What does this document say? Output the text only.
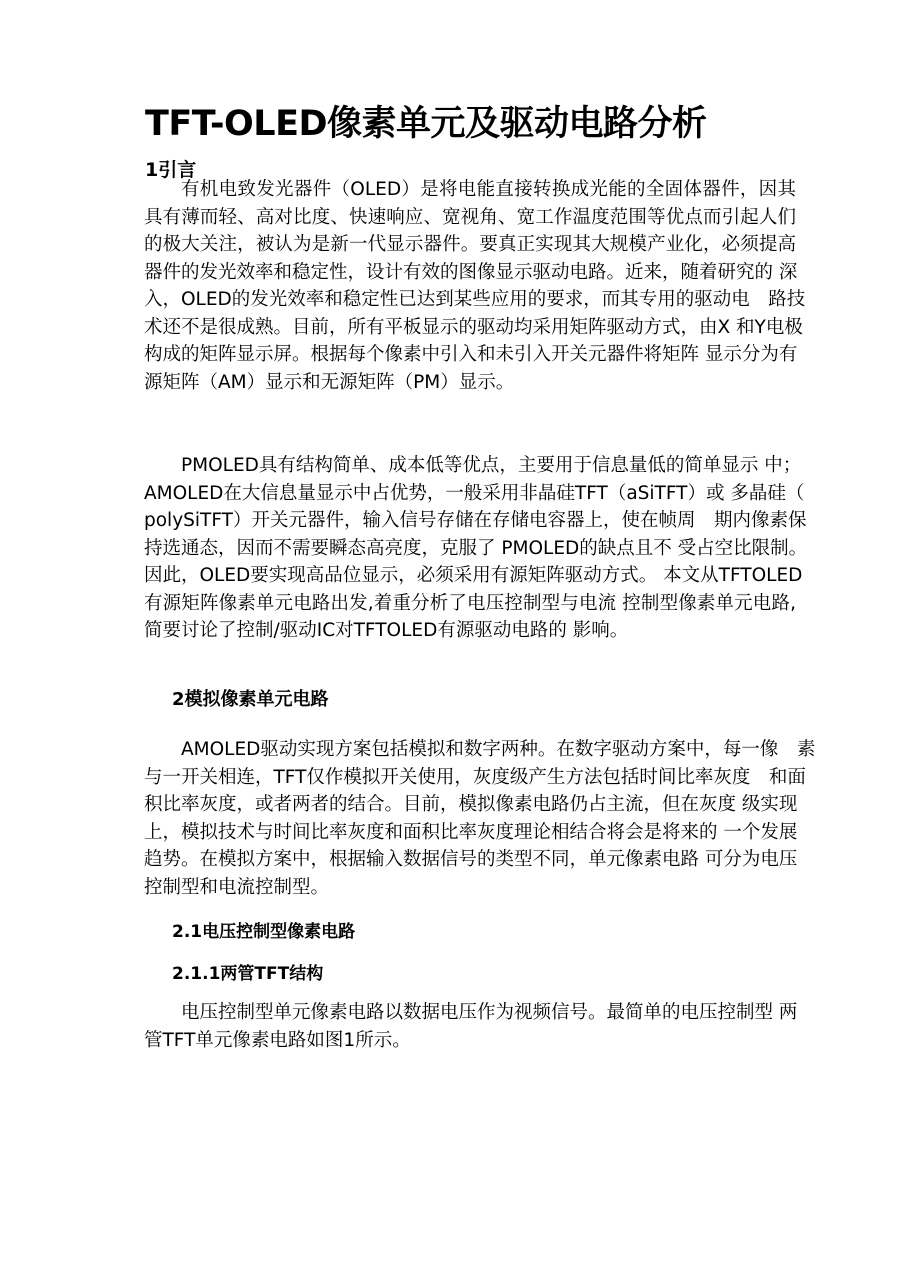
TFT-OLED像素单元及驱动电路分析
1引言
有机电致发光器件（OLED）是将电能直接转换成光能的全固体器件，因其
具有薄而轻、高对比度、快速响应、宽视角、宽工作温度范围等优点而引起人们
的极大关注，被认为是新一代显示器件。要真正实现其大规模产业化，必须提高
器件的发光效率和稳定性，设计有效的图像显示驱动电路。近来，随着研究的 深
入，OLED的发光效率和稳定性已达到某些应用的要求，而其专用的驱动电　路技
术还不是很成熟。目前，所有平板显示的驱动均采用矩阵驱动方式，由X 和Y电极
构成的矩阵显示屏。根据每个像素中引入和未引入开关元器件将矩阵 显示分为有
源矩阵（AM）显示和无源矩阵（PM）显示。
PMOLED具有结构简单、成本低等优点，主要用于信息量低的简单显示 中；
AMOLED在大信息量显示中占优势，一般采用非晶硅TFT（aSiTFT）或 多晶硅（
polySiTFT）开关元器件，输入信号存储在存储电容器上，使在帧周　期内像素保
持选通态，因而不需要瞬态高亮度，克服了 PMOLED的缺点且不 受占空比限制。
因此，OLED要实现高品位显示，必须采用有源矩阵驱动方式。 本文从TFTOLED
有源矩阵像素单元电路出发,着重分析了电压控制型与电流 控制型像素单元电路,
简要讨论了控制/驱动IC对TFTOLED有源驱动电路的 影响。
2模拟像素单元电路
AMOLED驱动实现方案包括模拟和数字两种。在数字驱动方案中，每一像　素
与一开关相连，TFT仅作模拟开关使用，灰度级产生方法包括时间比率灰度　和面
积比率灰度，或者两者的结合。目前，模拟像素电路仍占主流，但在灰度 级实现
上，模拟技术与时间比率灰度和面积比率灰度理论相结合将会是将来的 一个发展
趋势。在模拟方案中，根据输入数据信号的类型不同，单元像素电路 可分为电压
控制型和电流控制型。
2.1电压控制型像素电路
2.1.1两管TFT结构
电压控制型单元像素电路以数据电压作为视频信号。最简单的电压控制型 两
管TFT单元像素电路如图1所示。
